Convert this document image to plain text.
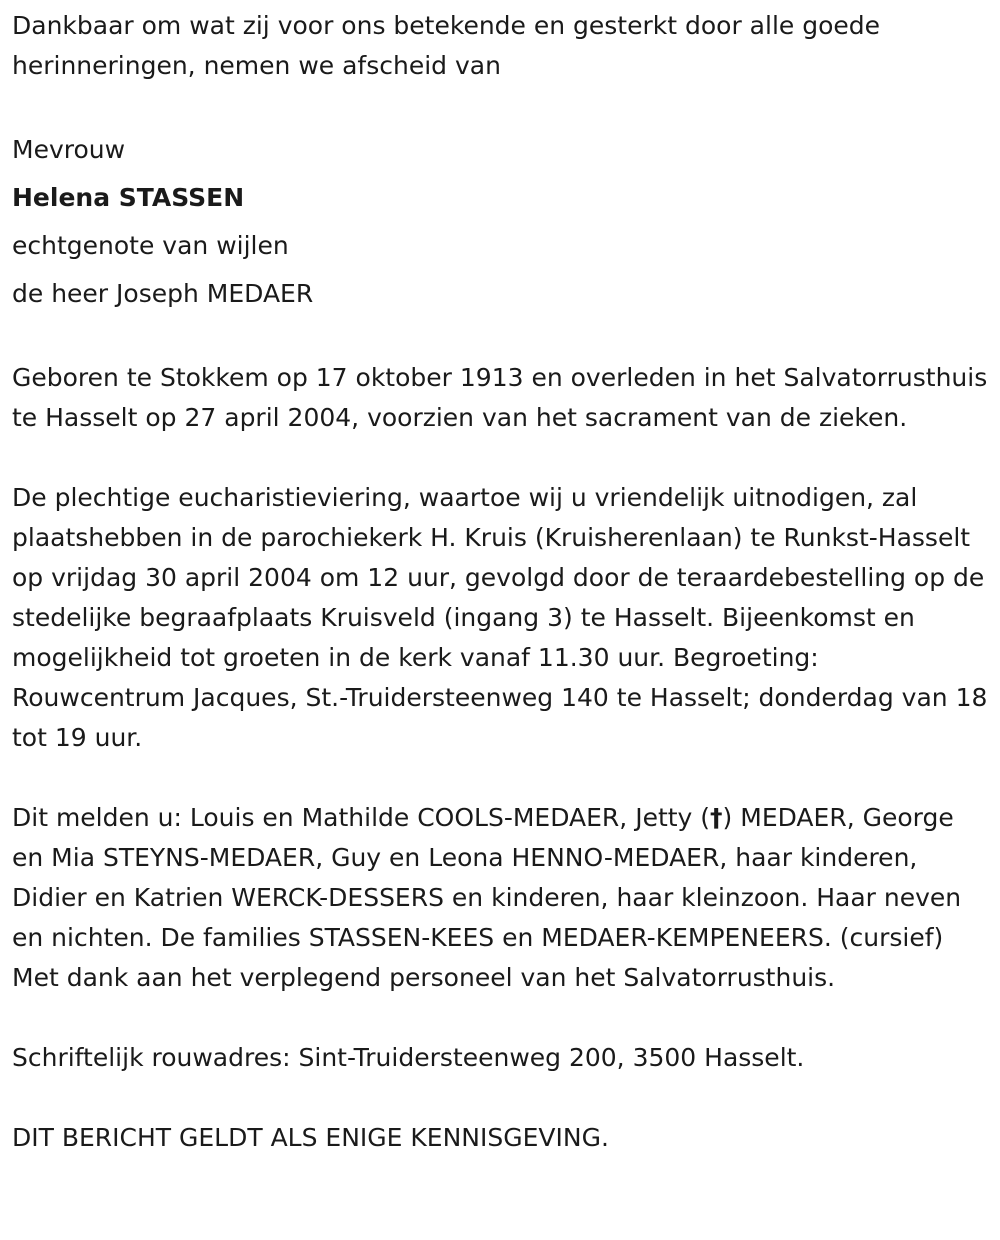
Dankbaar om wat zij voor ons betekende en gesterkt door alle goede herinneringen, nemen we afscheid van

Mevrouw
Helena STASSEN
echtgenote van wijlen
de heer Joseph MEDAER

Geboren te Stokkem op 17 oktober 1913 en overleden in het Salvatorrusthuis te Hasselt op 27 april 2004, voorzien van het sacrament van de zieken.

De plechtige eucharistieviering, waartoe wij u vriendelijk uitnodigen, zal plaatshebben in de parochiekerk H. Kruis (Kruisherenlaan) te Runkst-Hasselt op vrijdag 30 april 2004 om 12 uur, gevolgd door de teraardebestelling op de stedelijke begraafplaats Kruisveld (ingang 3) te Hasselt. Bijeenkomst en mogelijkheid tot groeten in de kerk vanaf 11.30 uur. Begroeting: Rouwcentrum Jacques, St.-Truidersteenweg 140 te Hasselt; donderdag van 18 tot 19 uur.

Dit melden u: Louis en Mathilde COOLS-MEDAER, Jetty (†) MEDAER, George en Mia STEYNS-MEDAER, Guy en Leona HENNO-MEDAER, haar kinderen, Didier en Katrien WERCK-DESSERS en kinderen, haar kleinzoon. Haar neven en nichten. De families STASSEN-KEES en MEDAER-KEMPENEERS. (cursief) Met dank aan het verplegend personeel van het Salvatorrusthuis.

Schriftelijk rouwadres: Sint-Truidersteenweg 200, 3500 Hasselt.

DIT BERICHT GELDT ALS ENIGE KENNISGEVING.
